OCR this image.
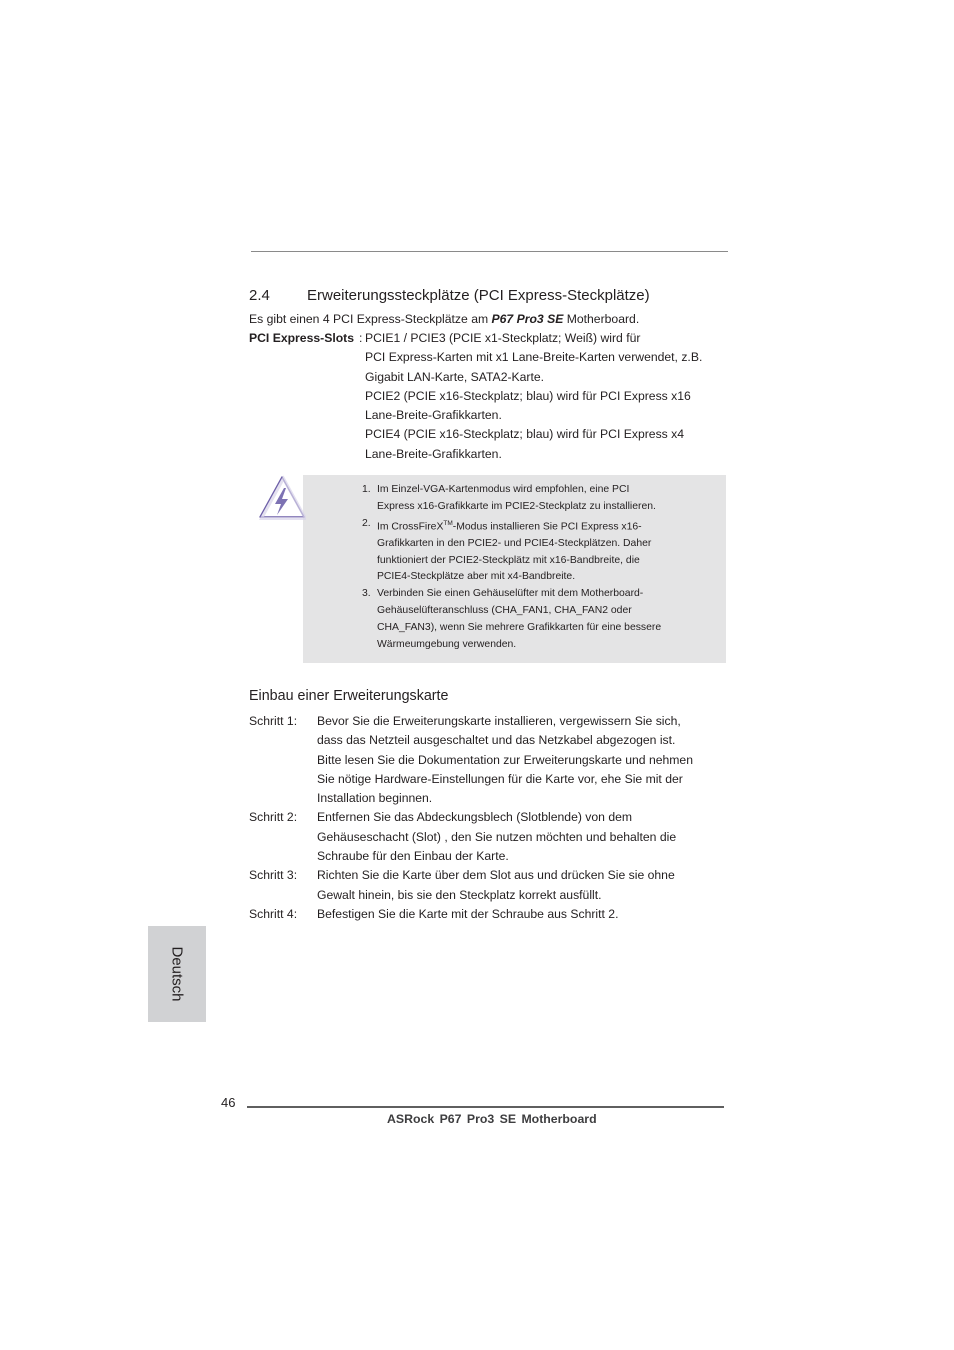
2.4 Erweiterungssteckplätze (PCI Express-Steckplätze)
Es gibt einen 4 PCI Express-Steckplätze am P67 Pro3 SE Motherboard.
PCI Express-Slots : PCIE1 / PCIE3 (PCIE x1-Steckplatz; Weiß) wird für
PCI Express-Karten mit x1 Lane-Breite-Karten verwendet, z.B.
Gigabit LAN-Karte, SATA2-Karte.
PCIE2 (PCIE x16-Steckplatz; blau) wird für PCI Express x16
Lane-Breite-Grafikkarten.
PCIE4 (PCIE x16-Steckplatz; blau) wird für PCI Express x4
Lane-Breite-Grafikkarten.
1. Im Einzel-VGA-Kartenmodus wird empfohlen, eine PCI
Express x16-Grafikkarte im PCIE2-Steckplatz zu installieren.
2. Im CrossFireX™-Modus installieren Sie PCI Express x16-
Grafikkarten in den PCIE2- und PCIE4-Steckplätzen. Daher
funktioniert der PCIE2-Steckplätz mit x16-Bandbreite, die
PCIE4-Steckplätze aber mit x4-Bandbreite.
3. Verbinden Sie einen Gehäuselüfter mit dem Motherboard-
Gehäuselüfteranschluss (CHA_FAN1, CHA_FAN2 oder
CHA_FAN3), wenn Sie mehrere Grafikkarten für eine bessere
Wärmeumgebung verwenden.
Einbau einer Erweiterungskarte
Schritt 1:	Bevor Sie die Erweiterungskarte installieren, vergewissern Sie sich,
dass das Netzteil ausgeschaltet und das Netzkabel abgezogen ist.
Bitte lesen Sie die Dokumentation zur Erweiterungskarte und nehmen
Sie nötige Hardware-Einstellungen für die Karte vor, ehe Sie mit der
Installation beginnen.
Schritt 2:	Entfernen Sie das Abdeckungsblech (Slotblende) von dem
Gehäuseschacht (Slot) , den Sie nutzen möchten und behalten die
Schraube für den Einbau der Karte.
Schritt 3:	Richten Sie die Karte über dem Slot aus und drücken Sie sie ohne
Gewalt hinein, bis sie den Steckplatz korrekt ausfüllt.
Schritt 4:	Befestigen Sie die Karte mit der Schraube aus Schritt 2.
Deutsch
46
ASRock P67 Pro3 SE Motherboard
